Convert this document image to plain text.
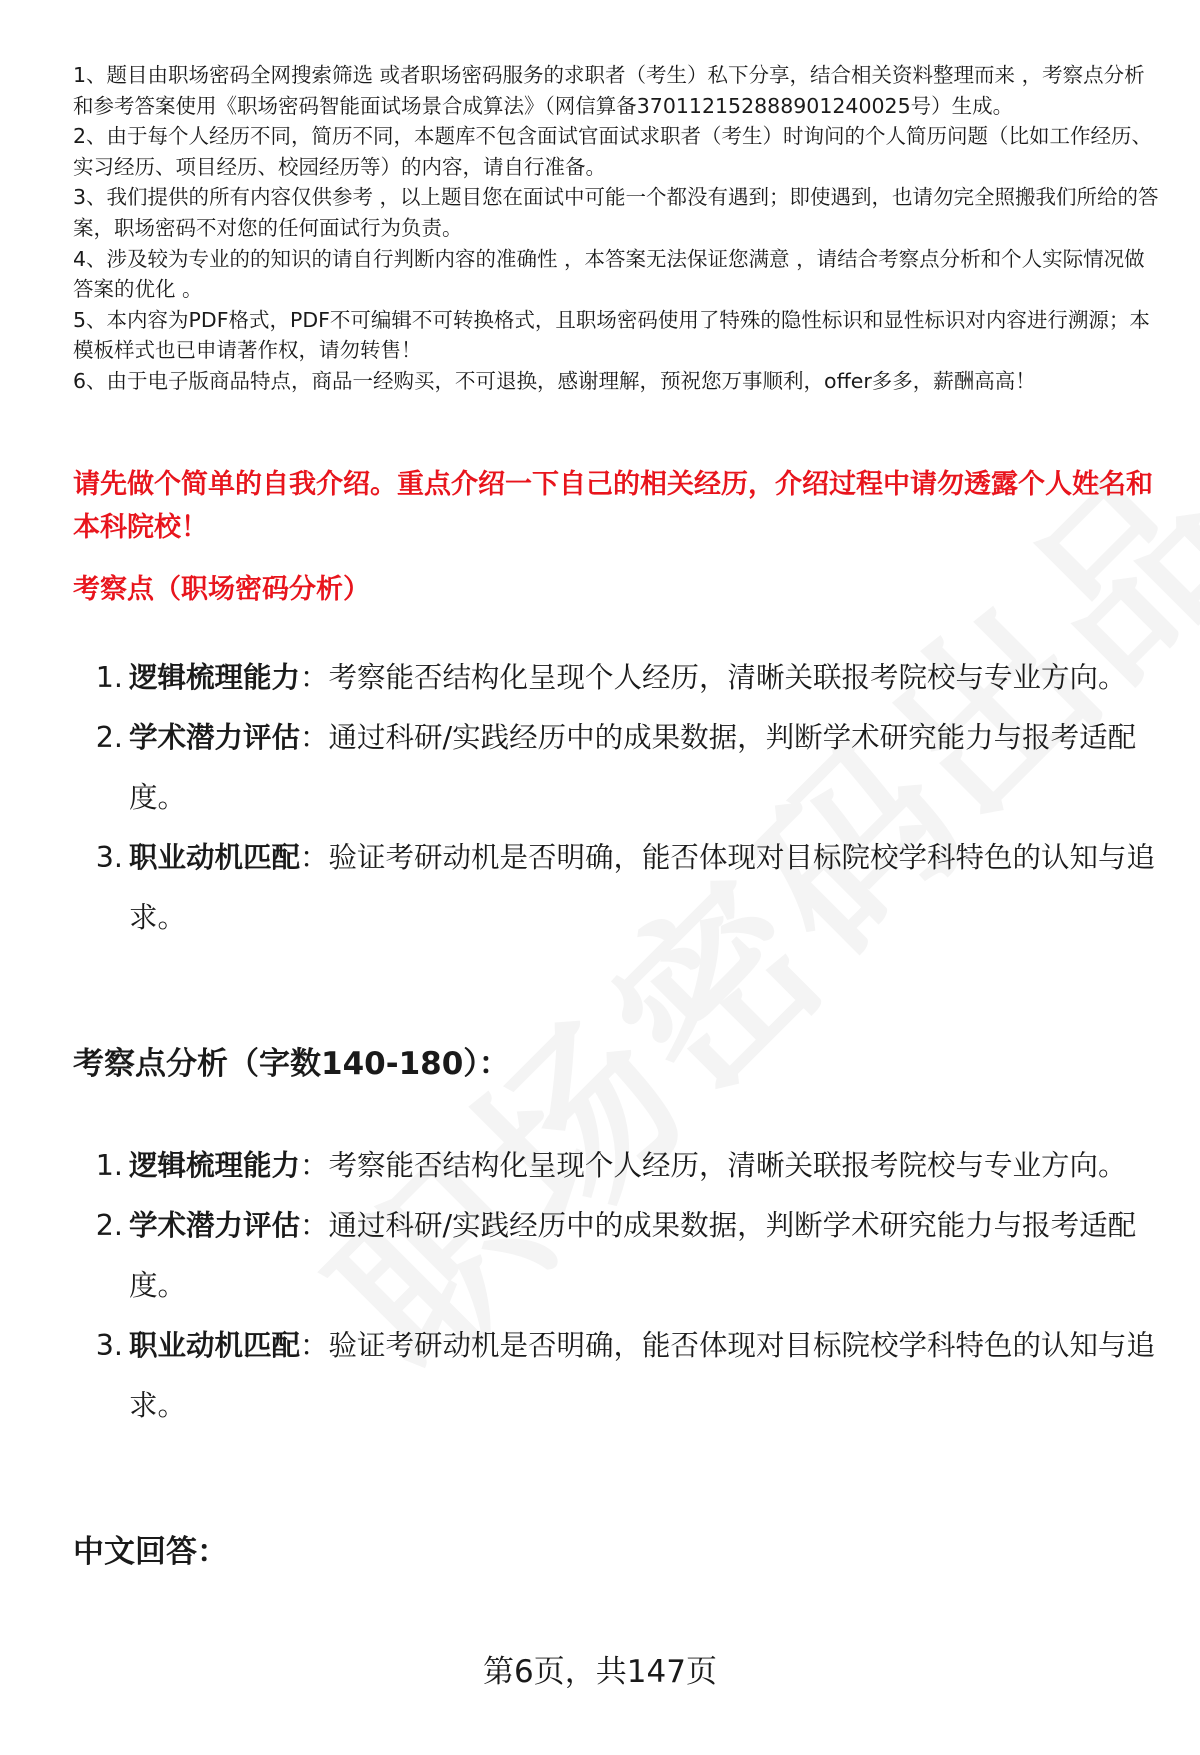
1、题目由职场密码全网搜索筛选 或者职场密码服务的求职者（考生）私下分享，结合相关资料整理而来 ，考察点分析和参考答案使用《职场密码智能面试场景合成算法》（网信算备370112152888901240025号）生成。

2、由于每个人经历不同，简历不同，本题库不包含面试官面试求职者（考生）时询问的个人简历问题（比如工作经历、实习经历、项目经历、校园经历等）的内容，请自行准备。

3、我们提供的所有内容仅供参考 ，以上题目您在面试中可能一个都没有遇到；即使遇到，也请勿完全照搬我们所给的答案，职场密码不对您的任何面试行为负责。

4、涉及较为专业的的知识的请自行判断内容的准确性 ，本答案无法保证您满意 ，请结合考察点分析和个人实际情况做答案的优化 。

5、本内容为PDF格式，PDF不可编辑不可转换格式，且职场密码使用了特殊的隐性标识和显性标识对内容进行溯源；本模板样式也已申请著作权，请勿转售！

6、由于电子版商品特点，商品一经购买，不可退换，感谢理解，预祝您万事顺利，offer多多，薪酬高高！

请先做个简单的自我介绍。重点介绍一下自己的相关经历，介绍过程中请勿透露个人姓名和本科院校！
考察点（职场密码分析）
1. 逻辑梳理能力：考察能否结构化呈现个人经历，清晰关联报考院校与专业方向。
2. 学术潜力评估：通过科研/实践经历中的成果数据，判断学术研究能力与报考适配度。
3. 职业动机匹配：验证考研动机是否明确，能否体现对目标院校学科特色的认知与追求。
考察点分析（字数140-180）：
1. 逻辑梳理能力：考察能否结构化呈现个人经历，清晰关联报考院校与专业方向。
2. 学术潜力评估：通过科研/实践经历中的成果数据，判断学术研究能力与报考适配度。
3. 职业动机匹配：验证考研动机是否明确，能否体现对目标院校学科特色的认知与追求。
中文回答：
第6页，共147页
